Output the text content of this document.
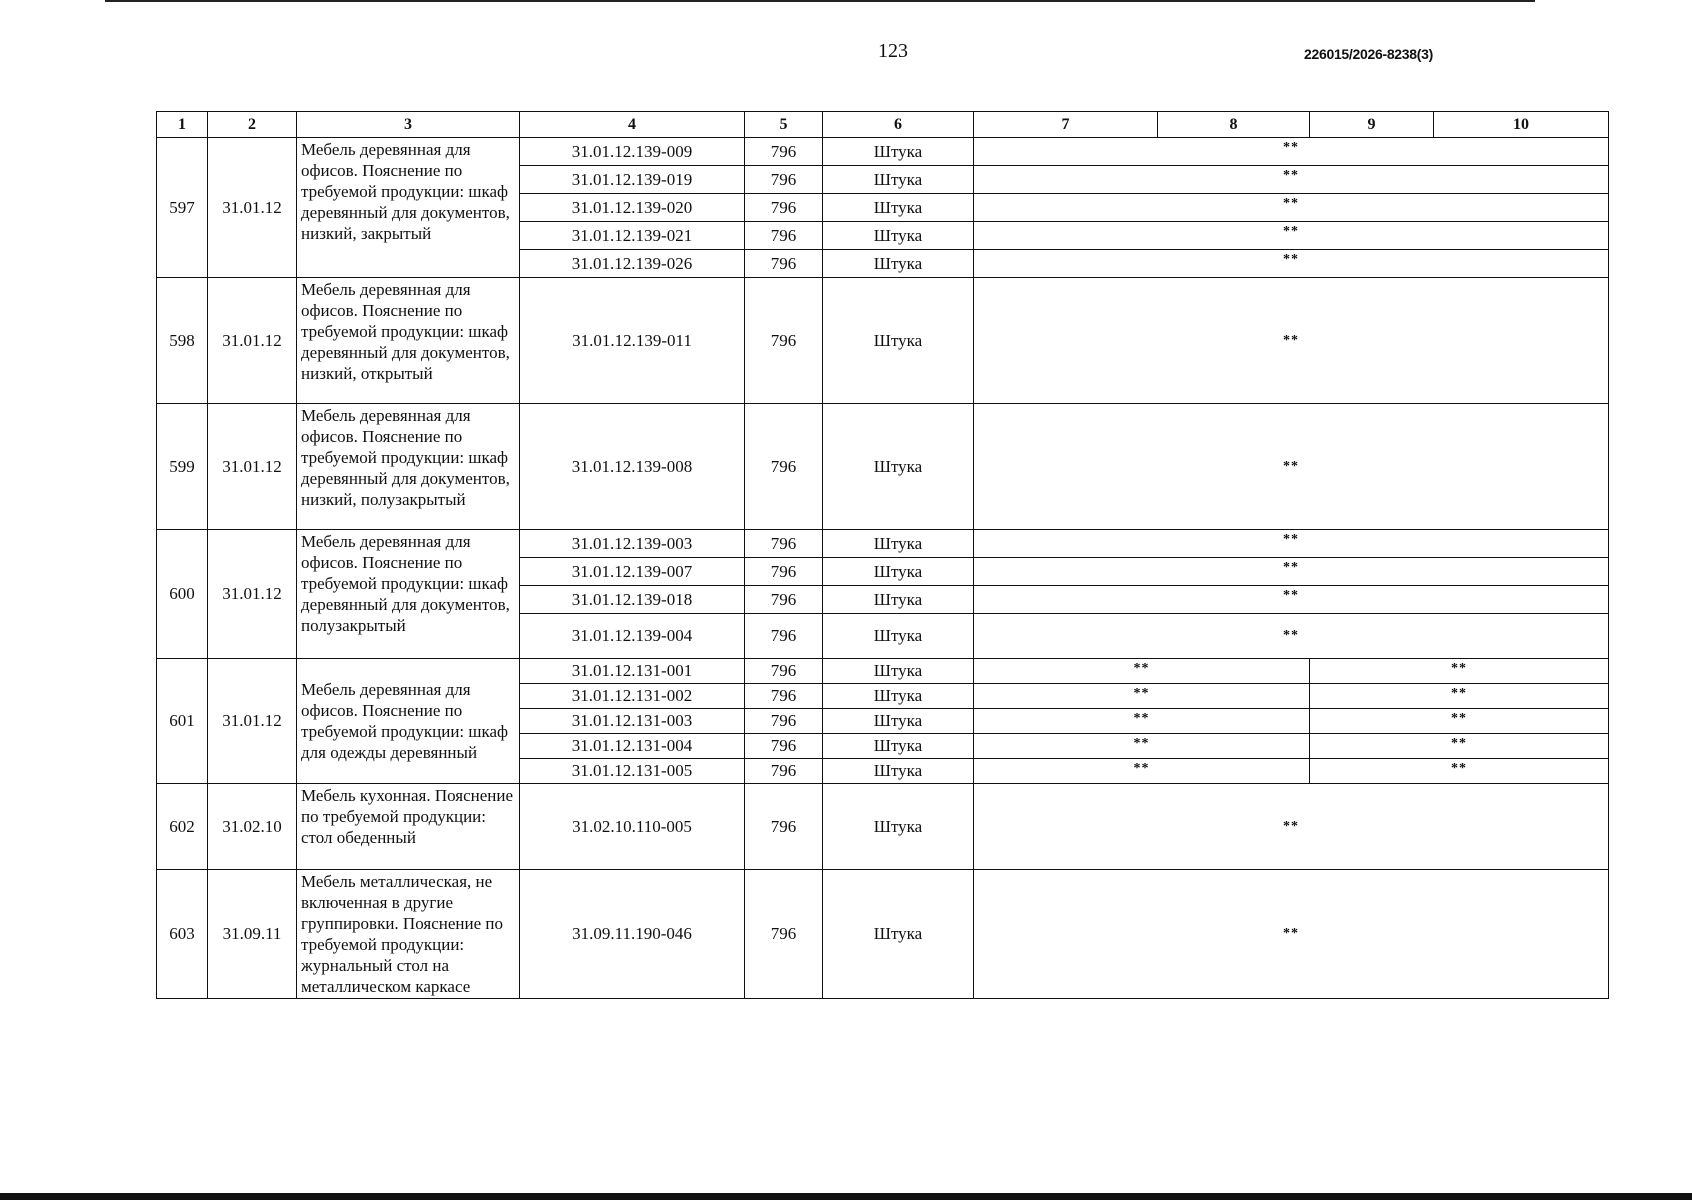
123	226015/2026-8238(3)
1	2	3	4	5	6	7	8	9	10
597	31.01.12	Мебель деревянная для офисов. Пояснение по требуемой продукции: шкаф деревянный для документов, низкий, закрытый	31.01.12.139-009	796	Штука	**			
			31.01.12.139-019	796	Штука	**			
			31.01.12.139-020	796	Штука	**			
			31.01.12.139-021	796	Штука	**			
			31.01.12.139-026	796	Штука	**			
598	31.01.12	Мебель деревянная для офисов. Пояснение по требуемой продукции: шкаф деревянный для документов, низкий, открытый	31.01.12.139-011	796	Штука	**			
599	31.01.12	Мебель деревянная для офисов. Пояснение по требуемой продукции: шкаф деревянный для документов, низкий, полузакрытый	31.01.12.139-008	796	Штука	**			
600	31.01.12	Мебель деревянная для офисов. Пояснение по требуемой продукции: шкаф деревянный для документов, полузакрытый	31.01.12.139-003	796	Штука	**			
			31.01.12.139-007	796	Штука	**			
			31.01.12.139-018	796	Штука	**			
			31.01.12.139-004	796	Штука	**			
601	31.01.12	Мебель деревянная для офисов. Пояснение по требуемой продукции: шкаф для одежды деревянный	31.01.12.131-001	796	Штука	**		**	
			31.01.12.131-002	796	Штука	**		**	
			31.01.12.131-003	796	Штука	**		**	
			31.01.12.131-004	796	Штука	**		**	
			31.01.12.131-005	796	Штука	**		**	
602	31.02.10	Мебель кухонная. Пояснение по требуемой продукции: стол обеденный	31.02.10.110-005	796	Штука	**			
603	31.09.11	Мебель металлическая, не включенная в другие группировки. Пояснение по требуемой продукции: журнальный стол на металлическом каркасе	31.09.11.190-046	796	Штука	**			
